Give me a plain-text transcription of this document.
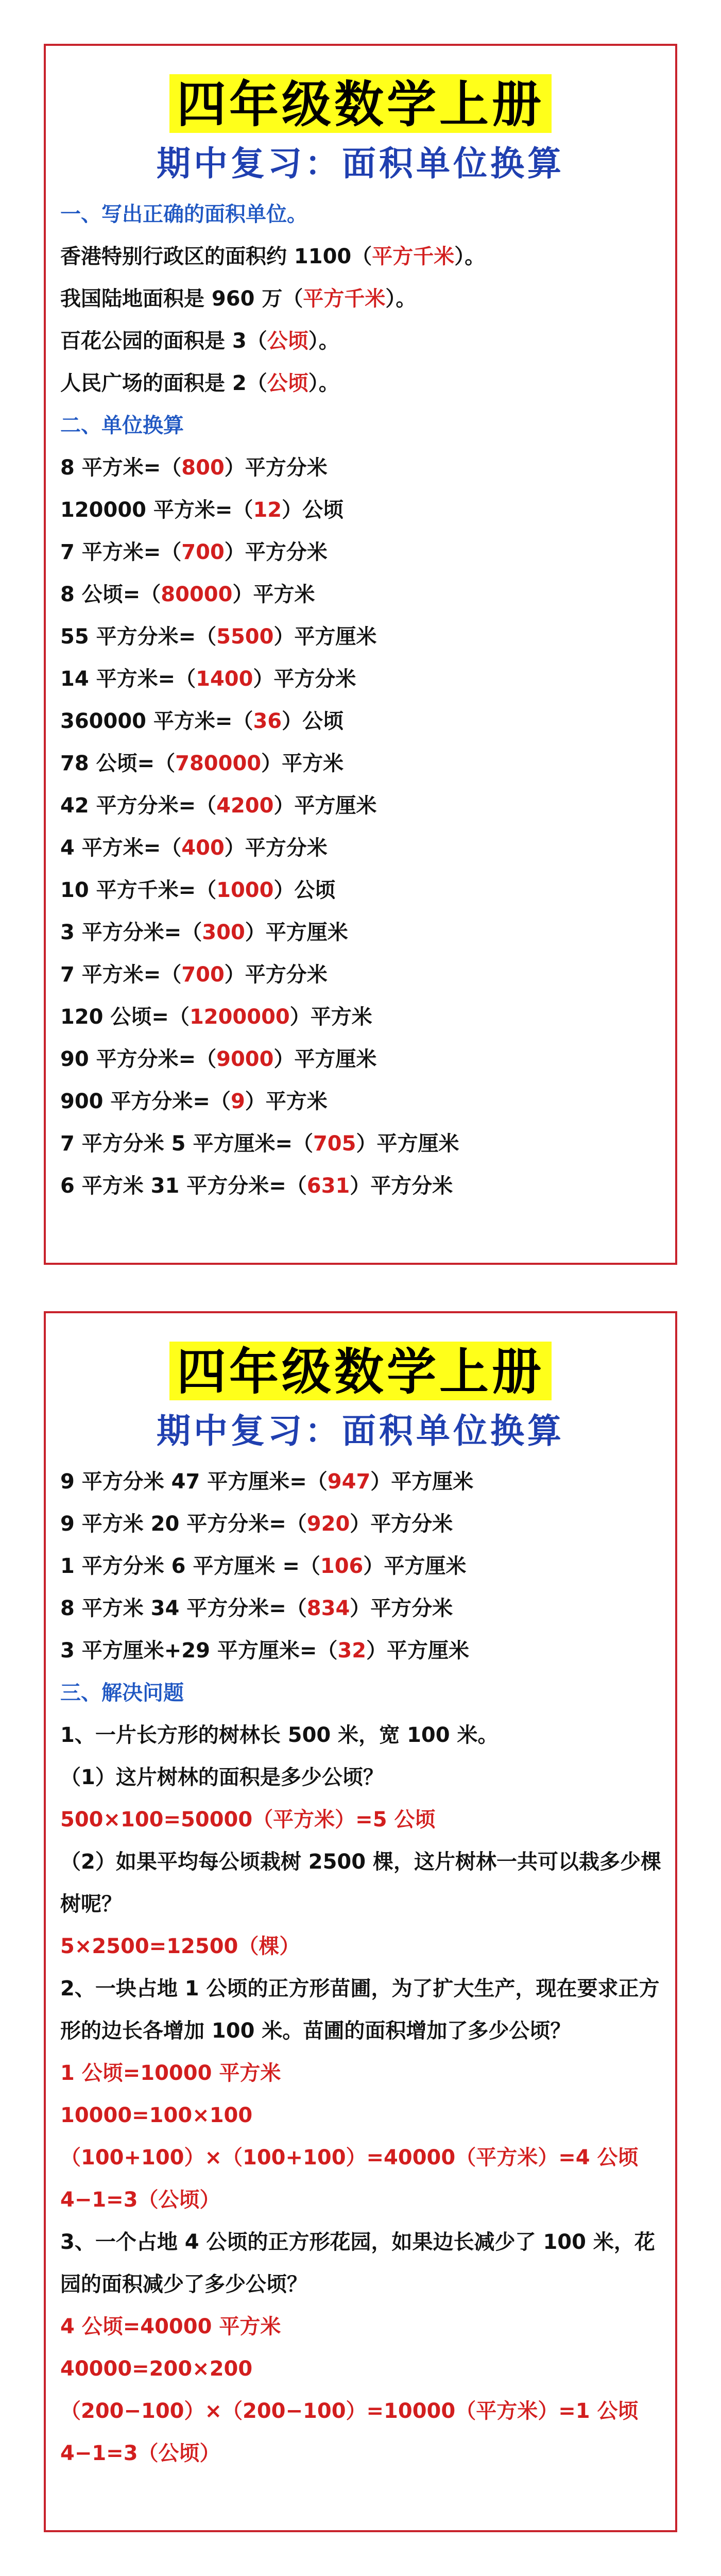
四年级数学上册
期中复习：面积单位换算
一、写出正确的面积单位。
香港特别行政区的面积约 1100（平方千米）。
我国陆地面积是 960 万（平方千米）。
百花公园的面积是 3（公顷）。
人民广场的面积是 2（公顷）。
二、单位换算
8 平方米=（800）平方分米
120000 平方米=（12）公顷
7 平方米=（700）平方分米
8 公顷=（80000）平方米
55 平方分米=（5500）平方厘米
14 平方米=（1400）平方分米
360000 平方米=（36）公顷
78 公顷=（780000）平方米
42 平方分米=（4200）平方厘米
4 平方米=（400）平方分米
10 平方千米=（1000）公顷
3 平方分米=（300）平方厘米
7 平方米=（700）平方分米
120 公顷=（1200000）平方米
90 平方分米=（9000）平方厘米
900 平方分米=（9）平方米
7 平方分米 5 平方厘米=（705）平方厘米
6 平方米 31 平方分米=（631）平方分米
四年级数学上册
期中复习：面积单位换算
9 平方分米 47 平方厘米=（947）平方厘米
9 平方米 20 平方分米=（920）平方分米
1 平方分米 6 平方厘米 =（106）平方厘米
8 平方米 34 平方分米=（834）平方分米
3 平方厘米+29 平方厘米=（32）平方厘米
三、解决问题
1、一片长方形的树林长 500 米，宽 100 米。
（1）这片树林的面积是多少公顷？
500×100=50000（平方米）=5 公顷
（2）如果平均每公顷栽树 2500 棵，这片树林一共可以栽多少棵树呢？
5×2500=12500（棵）
2、一块占地 1 公顷的正方形苗圃，为了扩大生产，现在要求正方形的边长各增加 100 米。苗圃的面积增加了多少公顷？
1 公顷=10000 平方米
10000=100×100
（100+100）×（100+100）=40000（平方米）=4 公顷
4−1=3（公顷）
3、一个占地 4 公顷的正方形花园，如果边长减少了 100 米，花园的面积减少了多少公顷？
4 公顷=40000 平方米
40000=200×200
（200−100）×（200−100）=10000（平方米）=1 公顷
4−1=3（公顷）
